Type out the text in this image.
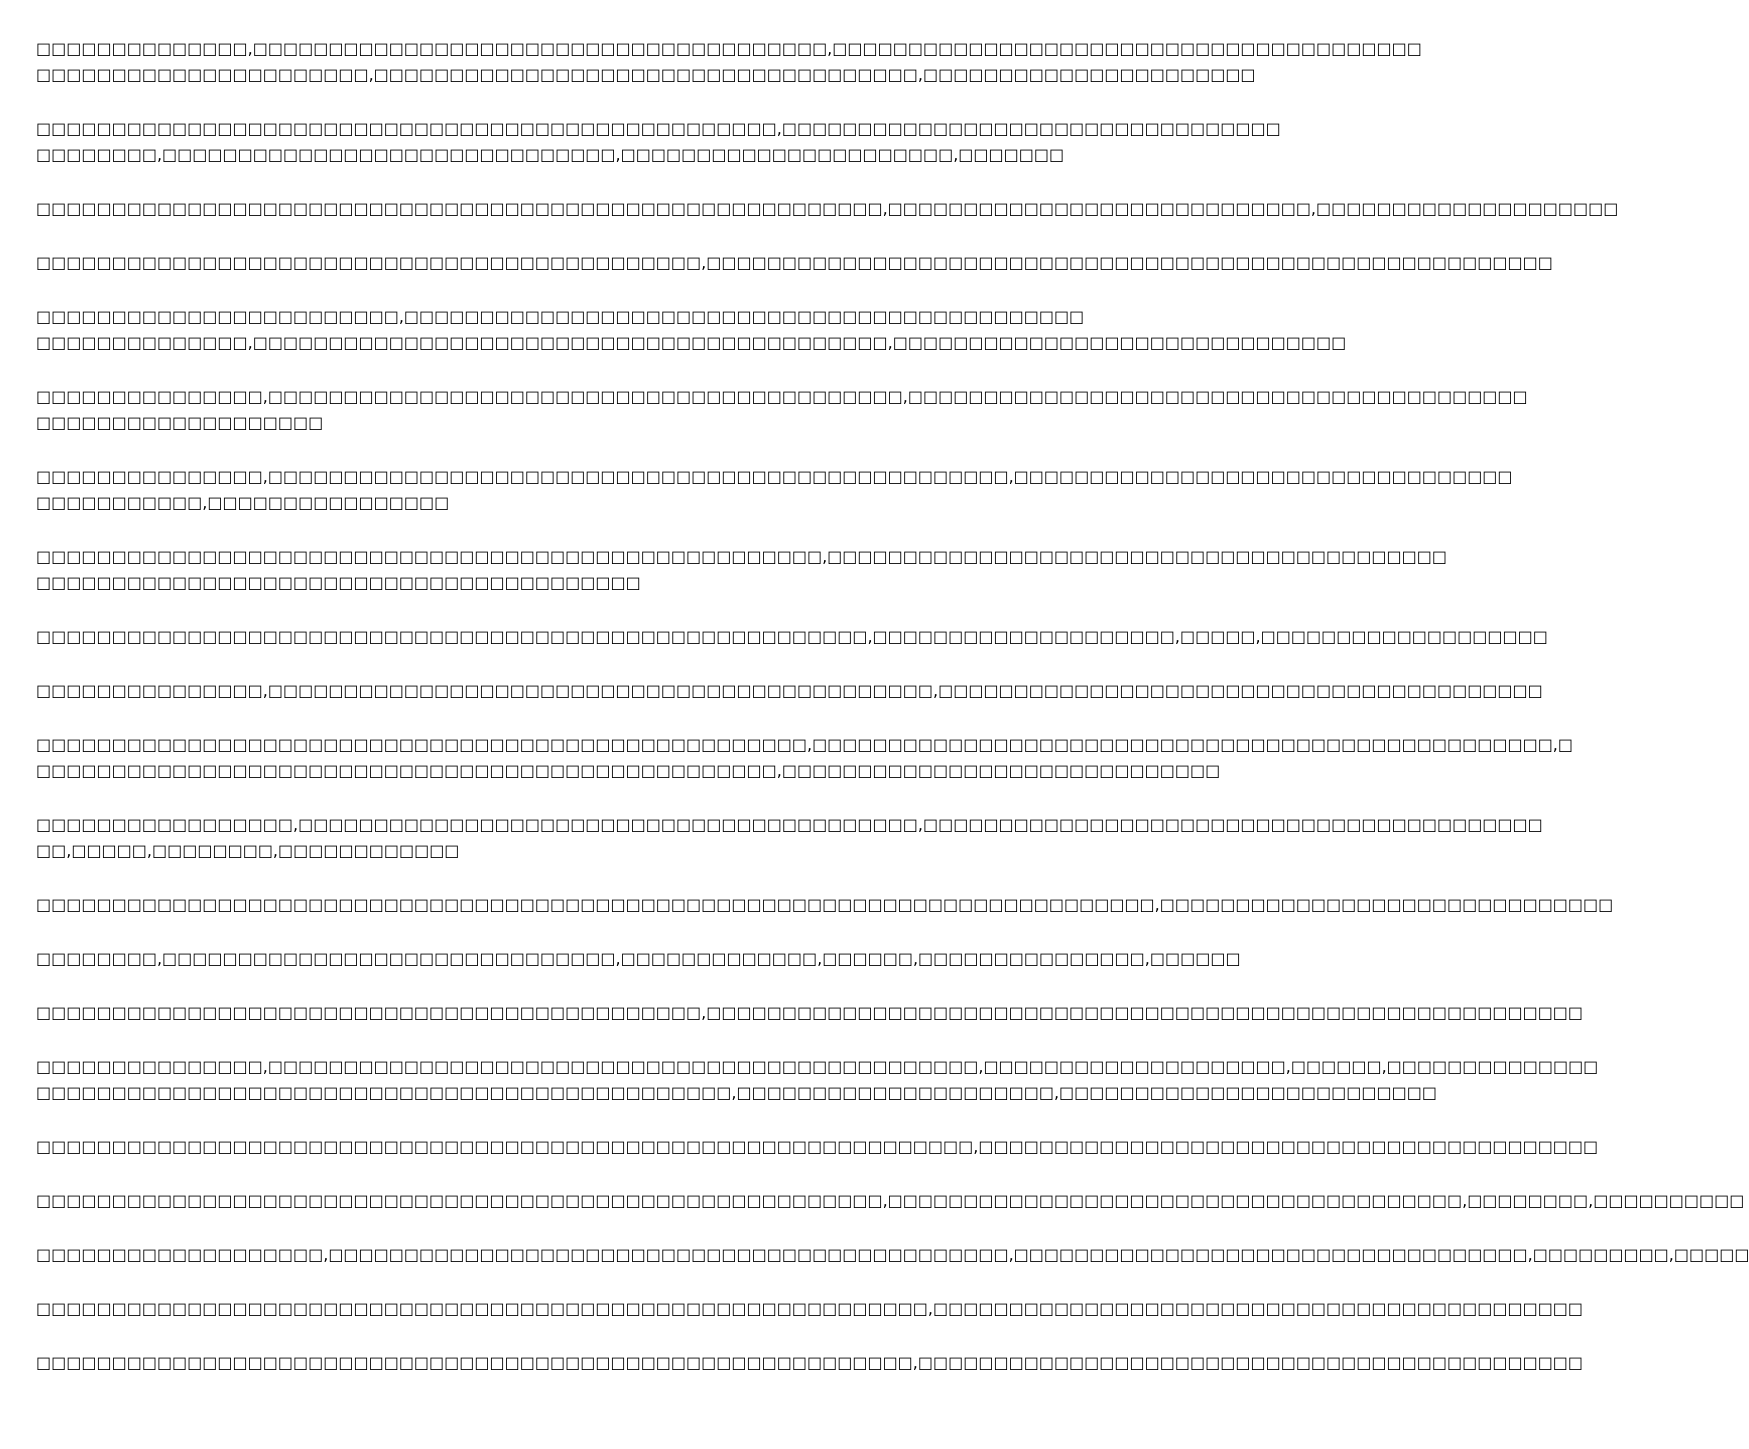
□□□□□□□□□□□□□□,□□□□□□□□□□□□□□□□□□□□□□□□□□□□□□□□□□□□□□,□□□□□□□□□□□□□□□□□□□□□□□□□□□□□□□□□□□□□□□
□□□□□□□□□□□□□□□□□□□□□□,□□□□□□□□□□□□□□□□□□□□□□□□□□□□□□□□□□□□,□□□□□□□□□□□□□□□□□□□□□□
□□□□□□□□□□□□□□□□□□□□□□□□□□□□□□□□□□□□□□□□□□□□□□□□□,□□□□□□□□□□□□□□□□□□□□□□□□□□□□□□□□□
□□□□□□□□,□□□□□□□□□□□□□□□□□□□□□□□□□□□□□□,□□□□□□□□□□□□□□□□□□□□□□,□□□□□□□
□□□□□□□□□□□□□□□□□□□□□□□□□□□□□□□□□□□□□□□□□□□□□□□□□□□□□□□□,□□□□□□□□□□□□□□□□□□□□□□□□□□□□,□□□□□□□□□□□□□□□□□□□□
□□□□□□□□□□□□□□□□□□□□□□□□□□□□□□□□□□□□□□□□□□□□,□□□□□□□□□□□□□□□□□□□□□□□□□□□□□□□□□□□□□□□□□□□□□□□□□□□□□□□□
□□□□□□□□□□□□□□□□□□□□□□□□,□□□□□□□□□□□□□□□□□□□□□□□□□□□□□□□□□□□□□□□□□□□□□
□□□□□□□□□□□□□□,□□□□□□□□□□□□□□□□□□□□□□□□□□□□□□□□□□□□□□□□□□,□□□□□□□□□□□□□□□□□□□□□□□□□□□□□□
□□□□□□□□□□□□□□□,□□□□□□□□□□□□□□□□□□□□□□□□□□□□□□□□□□□□□□□□□□,□□□□□□□□□□□□□□□□□□□□□□□□□□□□□□□□□□□□□□□□□
□□□□□□□□□□□□□□□□□□□
□□□□□□□□□□□□□□□,□□□□□□□□□□□□□□□□□□□□□□□□□□□□□□□□□□□□□□□□□□□□□□□□□,□□□□□□□□□□□□□□□□□□□□□□□□□□□□□□□□□
□□□□□□□□□□□,□□□□□□□□□□□□□□□□
□□□□□□□□□□□□□□□□□□□□□□□□□□□□□□□□□□□□□□□□□□□□□□□□□□□□,□□□□□□□□□□□□□□□□□□□□□□□□□□□□□□□□□□□□□□□□□
□□□□□□□□□□□□□□□□□□□□□□□□□□□□□□□□□□□□□□□□
□□□□□□□□□□□□□□□□□□□□□□□□□□□□□□□□□□□□□□□□□□□□□□□□□□□□□□□,□□□□□□□□□□□□□□□□□□□□,□□□□□,□□□□□□□□□□□□□□□□□□□
□□□□□□□□□□□□□□□,□□□□□□□□□□□□□□□□□□□□□□□□□□□□□□□□□□□□□□□□□□□□,□□□□□□□□□□□□□□□□□□□□□□□□□□□□□□□□□□□□□□□□
□□□□□□□□□□□□□□□□□□□□□□□□□□□□□□□□□□□□□□□□□□□□□□□□□□□,□□□□□□□□□□□□□□□□□□□□□□□□□□□□□□□□□□□□□□□□□□□□□□□□□,□
□□□□□□□□□□□□□□□□□□□□□□□□□□□□□□□□□□□□□□□□□□□□□□□□□,□□□□□□□□□□□□□□□□□□□□□□□□□□□□□
□□□□□□□□□□□□□□□□□,□□□□□□□□□□□□□□□□□□□□□□□□□□□□□□□□□□□□□□□□□,□□□□□□□□□□□□□□□□□□□□□□□□□□□□□□□□□□□□□□□□□
□□,□□□□□,□□□□□□□□,□□□□□□□□□□□□
□□□□□□□□□□□□□□□□□□□□□□□□□□□□□□□□□□□□□□□□□□□□□□□□□□□□□□□□□□□□□□□□□□□□□□□□□□,□□□□□□□□□□□□□□□□□□□□□□□□□□□□□□
□□□□□□□□,□□□□□□□□□□□□□□□□□□□□□□□□□□□□□□,□□□□□□□□□□□□□,□□□□□□,□□□□□□□□□□□□□□□,□□□□□□
□□□□□□□□□□□□□□□□□□□□□□□□□□□□□□□□□□□□□□□□□□□□,□□□□□□□□□□□□□□□□□□□□□□□□□□□□□□□□□□□□□□□□□□□□□□□□□□□□□□□□□□
□□□□□□□□□□□□□□□,□□□□□□□□□□□□□□□□□□□□□□□□□□□□□□□□□□□□□□□□□□□□□□□,□□□□□□□□□□□□□□□□□□□□,□□□□□□,□□□□□□□□□□□□□□
□□□□□□□□□□□□□□□□□□□□□□□□□□□□□□□□□□□□□□□□□□□□□□,□□□□□□□□□□□□□□□□□□□□□,□□□□□□□□□□□□□□□□□□□□□□□□□
□□□□□□□□□□□□□□□□□□□□□□□□□□□□□□□□□□□□□□□□□□□□□□□□□□□□□□□□□□□□□□,□□□□□□□□□□□□□□□□□□□□□□□□□□□□□□□□□□□□□□□□□
□□□□□□□□□□□□□□□□□□□□□□□□□□□□□□□□□□□□□□□□□□□□□□□□□□□□□□□□,□□□□□□□□□□□□□□□□□□□□□□□□□□□□□□□□□□□□□□,□□□□□□□□,□□□□□□□□□□
□□□□□□□□□□□□□□□□□□□,□□□□□□□□□□□□□□□□□□□□□□□□□□□□□□□□□□□□□□□□□□□□□,□□□□□□□□□□□□□□□□□□□□□□□□□□□□□□□□□□,□□□□□□□□□,□□□□□
□□□□□□□□□□□□□□□□□□□□□□□□□□□□□□□□□□□□□□□□□□□□□□□□□□□□□□□□□□□,□□□□□□□□□□□□□□□□□□□□□□□□□□□□□□□□□□□□□□□□□□□
□□□□□□□□□□□□□□□□□□□□□□□□□□□□□□□□□□□□□□□□□□□□□□□□□□□□□□□□□□,□□□□□□□□□□□□□□□□□□□□□□□□□□□□□□□□□□□□□□□□□□□□
